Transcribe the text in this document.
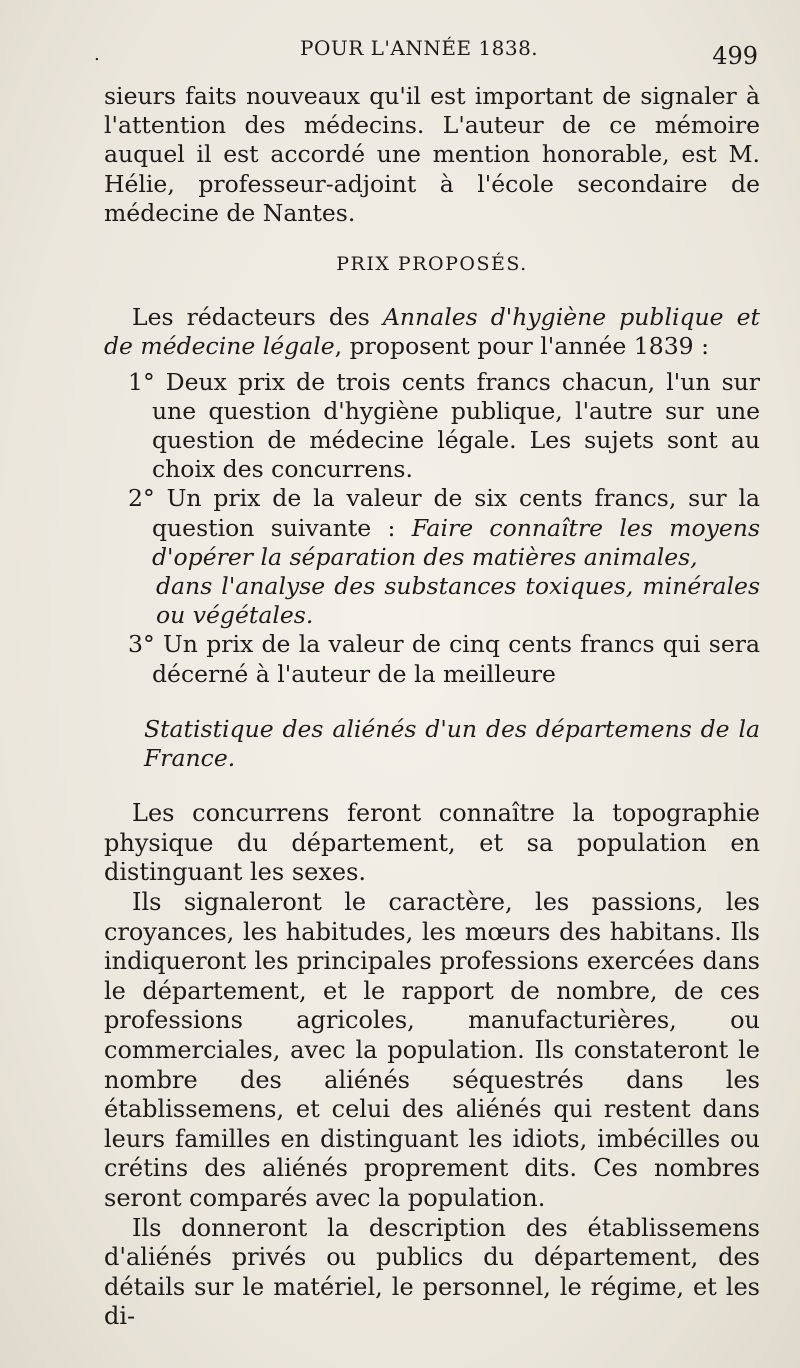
.	POUR L'ANNÉE 1838.	499

sieurs faits nouveaux qu'il est important de signaler à l'attention des médecins. L'auteur de ce mémoire auquel il est accordé une mention honorable, est M. Hélie, professeur-adjoint à l'école secondaire de médecine de Nantes.

PRIX PROPOSÉS.

Les rédacteurs des Annales d'hygiène publique et de médecine légale, proposent pour l'année 1839 :

1° Deux prix de trois cents francs chacun, l'un sur une question d'hygiène publique, l'autre sur une question de médecine légale. Les sujets sont au choix des concurrens.

2° Un prix de la valeur de six cents francs, sur la question suivante : Faire connaître les moyens d'opérer la séparation des matières animales,

dans l'analyse des substances toxiques, minérales ou végétales.

3° Un prix de la valeur de cinq cents francs qui sera décerné à l'auteur de la meilleure

Statistique des aliénés d'un des départemens de la France.

Les concurrens feront connaître la topographie physique du département, et sa population en distinguant les sexes.

Ils signaleront le caractère, les passions, les croyances, les habitudes, les mœurs des habitans. Ils indiqueront les principales professions exercées dans le département, et le rapport de nombre, de ces professions agricoles, manufacturières, ou commerciales, avec la population. Ils constateront le nombre des aliénés séquestrés dans les établissemens, et celui des aliénés qui restent dans leurs familles en distinguant les idiots, imbécilles ou crétins des aliénés proprement dits. Ces nombres seront comparés avec la population.

Ils donneront la description des établissemens d'aliénés privés ou publics du département, des détails sur le matériel, le personnel, le régime, et les di-
